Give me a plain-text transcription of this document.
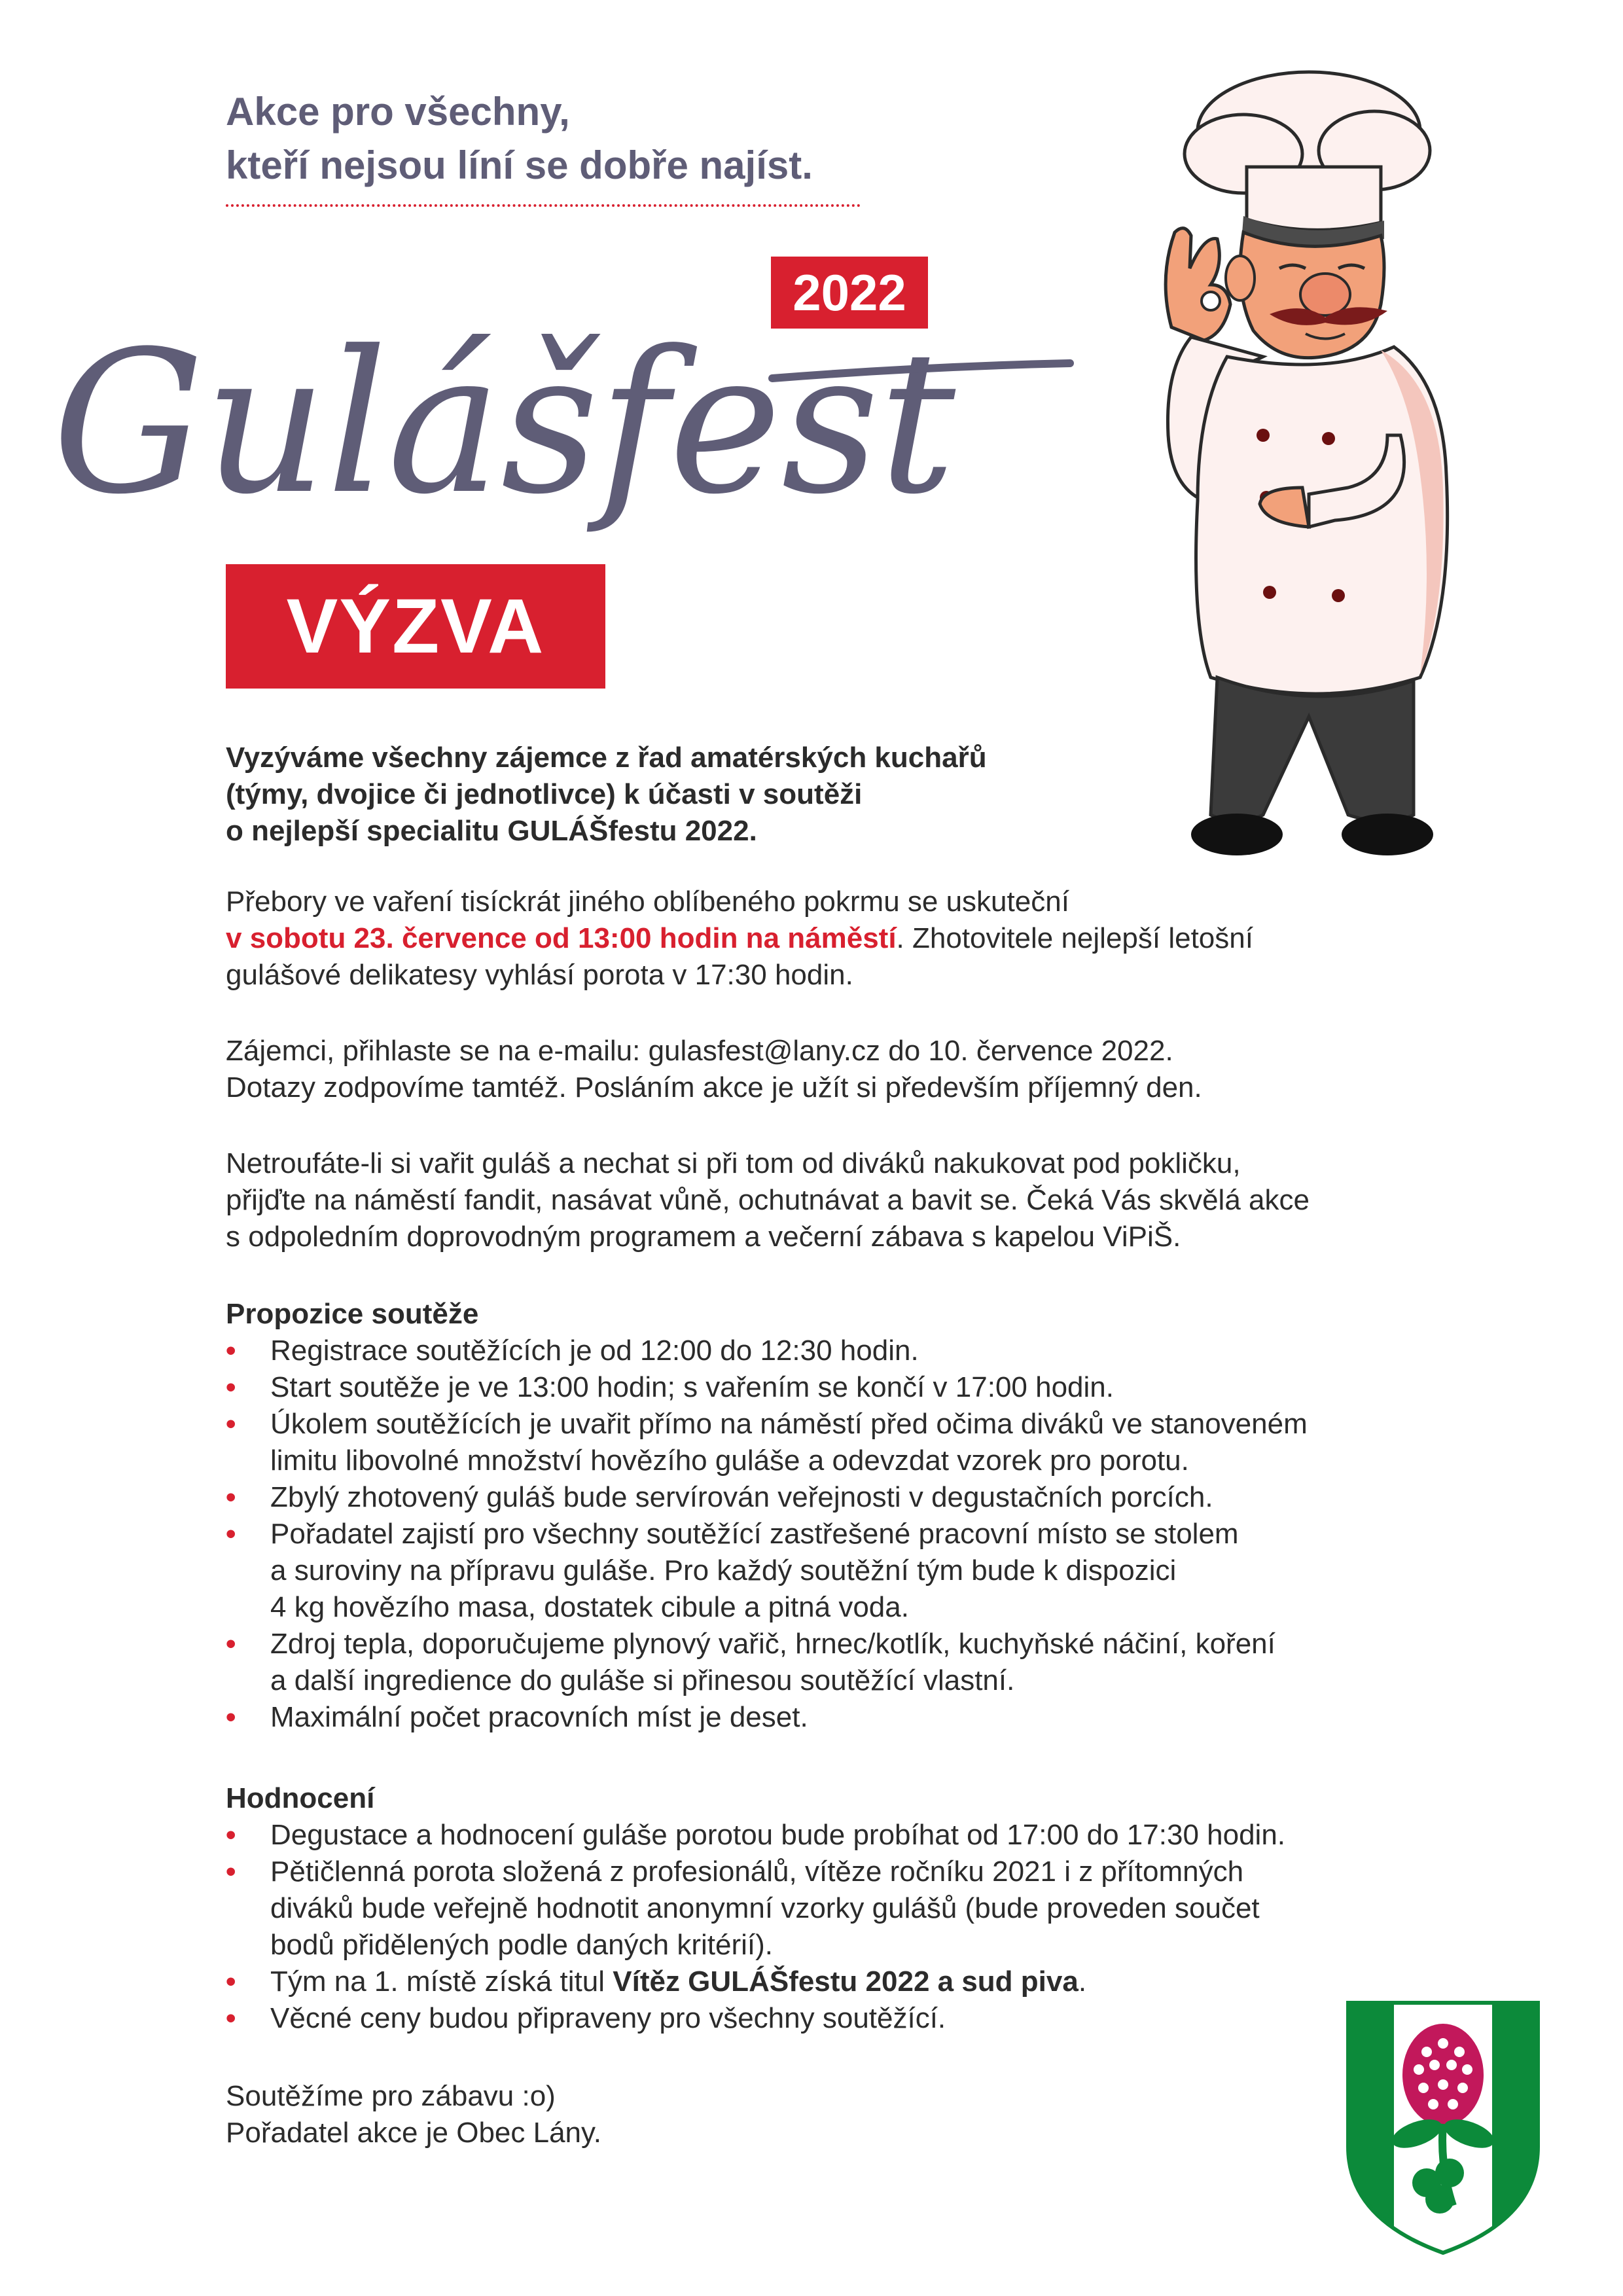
Akce pro všechny,
kteří nejsou líní se dobře najíst.
2022
Gulášfest
VÝZVA

Vyzýváme všechny zájemce z řad amatérských kuchařů

(týmy, dvojice či jednotlivce) k účasti v soutěži

o nejlepší specialitu GULÁŠfestu 2022.

Přebory ve vaření tisíckrát jiného oblíbeného pokrmu se uskuteční

v sobotu 23. července od 13:00 hodin na náměstí. Zhotovitele nejlepší letošní

gulášové delikatesy vyhlásí porota v 17:30 hodin.

Zájemci, přihlaste se na e-mailu: gulasfest@lany.cz do 10. července 2022.

Dotazy zodpovíme tamtéž. Posláním akce je užít si především příjemný den.

Netroufáte-li si vařit guláš a nechat si při tom od diváků nakukovat pod pokličku,

přijďte na náměstí fandit, nasávat vůně, ochutnávat a bavit se. Čeká Vás skvělá akce

s odpoledním doprovodným programem a večerní zábava s kapelou ViPiŠ.

Propozice soutěže

• Registrace soutěžících je od 12:00 do 12:30 hodin.
• Start soutěže je ve 13:00 hodin; s vařením se končí v 17:00 hodin.
• Úkolem soutěžících je uvařit přímo na náměstí před očima diváků ve stanoveném
limitu libovolné množství hovězího guláše a odevzdat vzorek pro porotu.
• Zbylý zhotovený guláš bude servírován veřejnosti v degustačních porcích.
• Pořadatel zajistí pro všechny soutěžící zastřešené pracovní místo se stolem
a suroviny na přípravu guláše. Pro každý soutěžní tým bude k dispozici
4 kg hovězího masa, dostatek cibule a pitná voda.
• Zdroj tepla, doporučujeme plynový vařič, hrnec/kotlík, kuchyňské náčiní, koření
a další ingredience do guláše si přinesou soutěžící vlastní.
• Maximální počet pracovních míst je deset.

Hodnocení

• Degustace a hodnocení guláše porotou bude probíhat od 17:00 do 17:30 hodin.
• Pětičlenná porota složená z profesionálů, vítěze ročníku 2021 i z přítomných
diváků bude veřejně hodnotit anonymní vzorky gulášů (bude proveden součet
bodů přidělených podle daných kritérií).
• Tým na 1. místě získá titul Vítěz GULÁŠfestu 2022 a sud piva.
• Věcné ceny budou připraveny pro všechny soutěžící.

Soutěžíme pro zábavu :o)

Pořadatel akce je Obec Lány.
